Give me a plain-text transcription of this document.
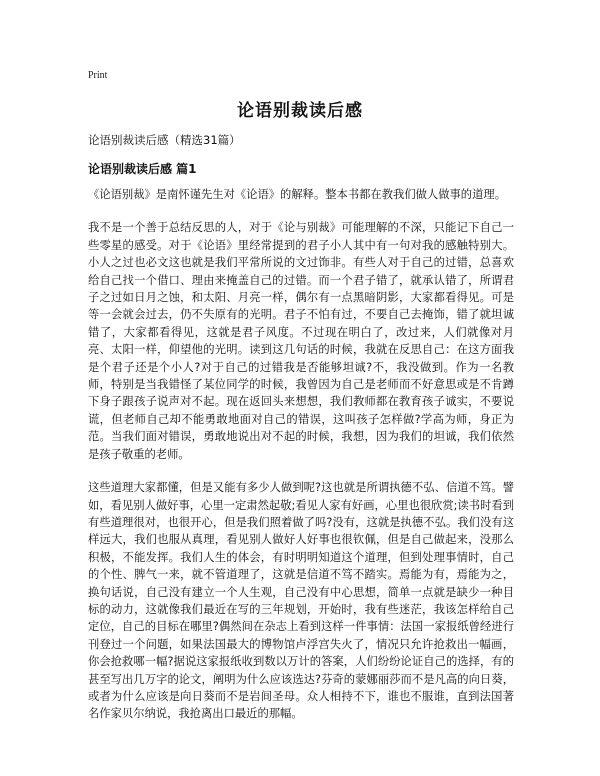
Print
论语别裁读后感
论语别裁读后感（精选31篇）
论语别裁读后感 篇1

《论语别裁》是南怀谨先生对《论语》的解释。整本书都在教我们做人做事的道理。

我不是一个善于总结反思的人，对于《论与别裁》可能理解的不深，只能记下自己一些零星的感受。对于《论语》里经常提到的君子小人其中有一句对我的感触特别大。小人之过也必文这也就是我们平常所说的文过饰非。有些人对于自己的过错，总喜欢给自己找一个借口、理由来掩盖自己的过错。而一个君子错了，就承认错了，所谓君子之过如日月之蚀，和太阳、月亮一样，偶尔有一点黑暗阴影，大家都看得见。可是等一会就会过去，仍不失原有的光明。君子不怕有过，不要自己去掩饰，错了就坦诚错了，大家都看得见，这就是君子风度。不过现在明白了，改过来，人们就像对月亮、太阳一样，仰望他的光明。读到这几句话的时候，我就在反思自己：在这方面我是个君子还是个小人?对于自己的过错我是否能够坦诚?不，我没做到。作为一名教师，特别是当我错怪了某位同学的时候，我曾因为自己是老师而不好意思或是不肯蹲下身子跟孩子说声对不起。现在返回头来想想，我们教师都在教育孩子诚实，不要说谎，但老师自己却不能勇敢地面对自己的错误，这叫孩子怎样做?学高为师，身正为范。当我们面对错误，勇敢地说出对不起的时候，我想，因为我们的坦诚，我们依然是孩子敬重的老师。

这些道理大家都懂，但是又能有多少人做到呢?这也就是所谓执德不弘、信道不笃。譬如，看见别人做好事，心里一定肃然起敬;看见人家有好画，心里也很欣赏;读书时看到有些道理很对，也很开心，但是我们照着做了吗?没有，这就是执德不弘。我们没有这样远大，我们也服从真理，看见别人做好人好事也很钦佩，但是自己做起来，没那么积极，不能发挥。我们人生的体会，有时明明知道这个道理，但到处理事情时，自己的个性、脾气一来，就不管道理了，这就是信道不笃不踏实。焉能为有，焉能为之，换句话说，自己没有建立一个人生观，自己没有中心思想，简单一点就是缺少一种目标的动力，这就像我们最近在写的三年规划，开始时，我有些迷茫，我该怎样给自己定位，自己的目标在哪里?偶然间在杂志上看到这样一件事情：法国一家报纸曾经进行刊登过一个问题，如果法国最大的博物馆卢浮宫失火了，情况只允许抢救出一幅画，你会抢救哪一幅?据说这家报纸收到数以万计的答案，人们纷纷论证自己的选择，有的甚至写出几万字的论文，阐明为什么应该选达?芬奇的蒙娜丽莎而不是凡高的向日葵，或者为什么应该是向日葵而不是岩间圣母。众人相持不下，谁也不服谁，直到法国著名作家贝尔纳说，我抢离出口最近的那幅。
